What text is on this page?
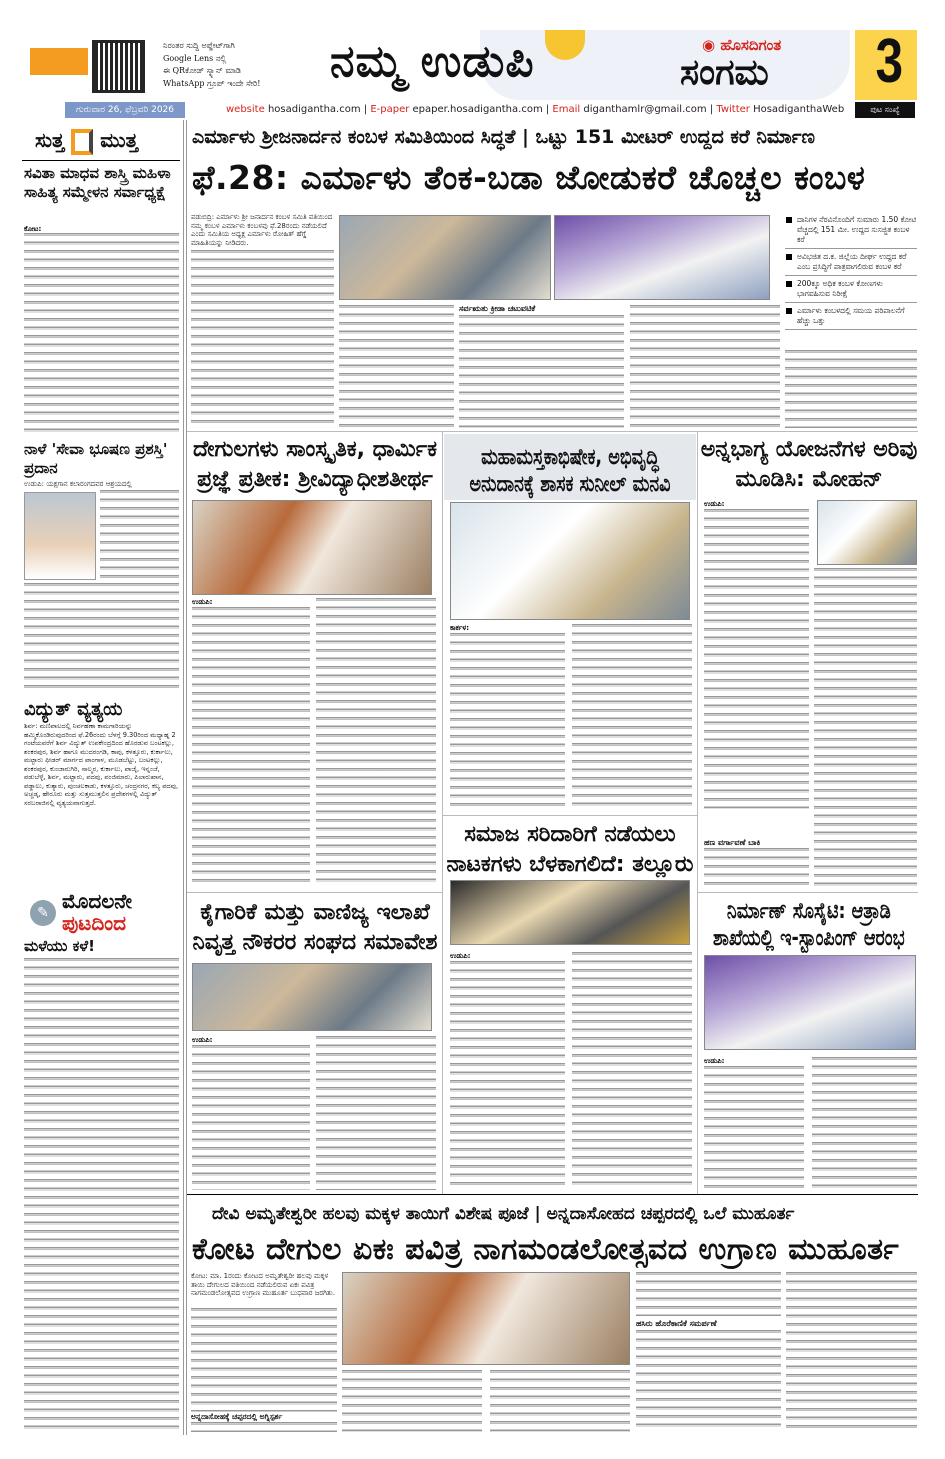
ನಿರಂತರ ಸುದ್ದಿ ಅಪ್ಡೇಟ್‌ಗಾಗಿ
Google Lens ನಲ್ಲಿ
ಈ QRಕೋಡ್ ಸ್ಕ್ಯಾನ್ ಮಾಡಿ
WhatsApp ಗ್ರೂಪ್ ಇಂದೇ ಸೇರಿ! ನಮ್ಮ ಉಡುಪಿ	◉ ಹೊಸದಿಗಂತ
ಸಂಗಮ 3
ಗುರುವಾರ 26, ಫೆಬ್ರವರಿ 2026	website hosadigantha.com | E-paper epaper.hosadigantha.com | Email diganthamlr@gmail.com | Twitter HosadiganthaWeb	ಪುಟ ಸಂಖ್ಯೆ
ಸುತ್ತ ಮುತ್ತ
ಸವಿತಾ ಮಾಧವ ಶಾಸ್ತ್ರಿ ಮಹಿಳಾ ಸಾಹಿತ್ಯ ಸಮ್ಮೇಳನ ಸರ್ವಾಧ್ಯಕ್ಷೆ
ಕೋಟ:
ನಾಳೆ 'ಸೇವಾ ಭೂಷಣ ಪ್ರಶಸ್ತಿ' ಪ್ರದಾನ
ಉಡುಪಿ: ಯಕ್ಷಗಾನ ಕಲಾರಂಗದವರ ಆಶ್ರಯದಲ್ಲಿ
ವಿದ್ಯುತ್ ವ್ಯತ್ಯಯ
ಶಿರ್ವ: ಮಣಿಪಾಲದಲ್ಲಿ ನಿರ್ವಹಣಾ ಕಾಮಗಾರಿಯನ್ನು ಹಮ್ಮಿಕೊಂಡಿರುವುದರಿಂದ ಫೆ.26ರಂದು ಬೆಳಗ್ಗೆ 9.30ರಿಂದ ಮಧ್ಯಾಹ್ನ 2 ಗಂಟೆಯವರೆಗೆ ಶಿರ್ವ ವಿದ್ಯುತ್ ಉಪಕೇಂದ್ರದಿಂದ ಹೊರಡುವ ಬಂಟಕಲ್ಲು, ಶಂಕರಪುರ, ಶಿರ್ವ ಹಾಗೂ ಮುದರಂಗಡಿ, ಕಾಪು, ಕಳತ್ತೂರು, ಕುರ್ಕಾಲು, ಮಟ್ಟಾರು ಫೀಡರ್ ಮಾರ್ಗದ ಪಾಂಗಾಳ, ಮೂಡಬೆಟ್ಟು, ಬಂಟಕಲ್ಲು, ಶಂಕರಪುರ, ಕುಂಜಾರುಗಿರಿ, ಸಾಲ್ಮರ, ಕುರ್ಕಾಲು, ಪಾಜೈ, ಇನ್ನಂಜೆ, ಪಡುಬೆಳ್ಳೆ, ಶಿರ್ವ, ಮಟ್ಟಾರು, ಪದವು, ಪಂಜಿಮಾರು, ಪಿಲಾರುಖಾನ, ಪಡ್ಡಾಲು, ಕುತ್ಯಾರು, ಪುಂಚಲಕಾಡು, ಕಳತ್ತೂರು, ಚಂದ್ರನಗರ, ಕಲ್ಯ ಪದವು, ಅಚ್ಚಡ್ಕ, ಹೇರೂರು ಮತ್ತು ಸುತ್ತಮುತ್ತಲಿನ ಪ್ರದೇಶಗಳಲ್ಲಿ ವಿದ್ಯುತ್ ಸರಬರಾಜಿನಲ್ಲಿ ವ್ಯತ್ಯಯವಾಗುತ್ತದೆ.
✎ ಮೊದಲನೇ
ಪುಟದಿಂದ
ಮಳೆಯು ಕಳೆ!
ಎರ್ಮಾಳು ಶ್ರೀಜನಾರ್ದನ ಕಂಬಳ ಸಮಿತಿಯಿಂದ ಸಿದ್ಧತೆ | ಒಟ್ಟು 151 ಮೀಟರ್ ಉದ್ದದ ಕರೆ ನಿರ್ಮಾಣ
ಫೆ.28: ಎರ್ಮಾಳು ತೆಂಕ-ಬಡಾ ಜೋಡುಕರೆ ಚೊಚ್ಚಲ ಕಂಬಳ
ಪಡುಬಿದ್ರಿ: ಎರ್ಮಾಳು ಶ್ರೀ ಜನಾರ್ದನ ಕಂಬಳ ಸಮಿತಿ ವತಿಯಿಂದ ನಮ್ಮ ಕಂಬಳ ಎರ್ಮಾಳು ಕಂಬಳವು ಫೆ.28ರಂದು ನಡೆಯಲಿದೆ ಎಂದು ಸಮಿತಿಯ ಅಧ್ಯಕ್ಷ ಎರ್ಮಾಳು ರೋಹಿತ್ ಹೆಗ್ಡೆ ಮಾಹಿತಿಯನ್ನು ನೀಡಿದರು.
ಸರ್ವಋತು ಕ್ರೀಡಾ ಚಟುವಟಿಕೆ
ದಾನಿಗಳ ನೆರವಿನೊಂದಿಗೆ ಸುಮಾರು 1.50 ಕೋಟಿ ವೆಚ್ಚದಲ್ಲಿ 151 ಮೀ. ಉದ್ದದ ಸುಸಜ್ಜಿತ ಕಂಬಳ ಕರೆ
ಅವಿಭಜಿತ ದ.ಕ. ಜಿಲ್ಲೆಯ ದೀರ್ಘ ಉದ್ದದ ಕರೆ ಎಂಬ ಪ್ರಸಿದ್ಧಿಗೆ ಪಾತ್ರವಾಗಲಿರುವ ಕಂಬಳ ಕರೆ
200ಕ್ಕೂ ಅಧಿಕ ಕಂಬಳ ಕೋಣಗಳು ಭಾಗವಹಿಸುವ ನಿರೀಕ್ಷೆ
ಎರ್ಮಾಳು ಕಂಬಳದಲ್ಲಿ ಸಮಯ ಪರಿಪಾಲನೆಗೆ ಹೆಚ್ಚು ಒತ್ತು
ದೇಗುಲಗಳು ಸಾಂಸ್ಕೃತಿಕ, ಧಾರ್ಮಿಕ ಪ್ರಜ್ಞೆ ಪ್ರತೀಕ: ಶ್ರೀವಿದ್ಯಾಧೀಶತೀರ್ಥ
ಉಡುಪಿ:
ಮಹಾಮಸ್ತಕಾಭಿಷೇಕ, ಅಭಿವೃದ್ಧಿ ಅನುದಾನಕ್ಕೆ ಶಾಸಕ ಸುನೀಲ್ ಮನವಿ
ಕಾರ್ಕಳ:
ಅನ್ನಭಾಗ್ಯ ಯೋಜನೆಗಳ ಅರಿವು ಮೂಡಿಸಿ: ಮೋಹನ್
ಉಡುಪಿ:
ಹಣ ವರ್ಗಾವಣೆ ಬಾಕಿ
ಕೈಗಾರಿಕೆ ಮತ್ತು ವಾಣಿಜ್ಯ ಇಲಾಖೆ ನಿವೃತ್ತ ನೌಕರರ ಸಂಘದ ಸಮಾವೇಶ
ಉಡುಪಿ:
ಸಮಾಜ ಸರಿದಾರಿಗೆ ನಡೆಯಲು ನಾಟಕಗಳು ಬೆಳಕಾಗಲಿದೆ: ತಲ್ಲೂರು
ಉಡುಪಿ:
ನಿರ್ಮಾಣ್ ಸೊಸೈಟಿ: ಆತ್ರಾಡಿ ಶಾಖೆಯಲ್ಲಿ ಇ-ಸ್ಟಾಂಪಿಂಗ್ ಆರಂಭ
ಉಡುಪಿ:
ದೇವಿ ಅಮೃತೇಶ್ವರೀ ಹಲವು ಮಕ್ಕಳ ತಾಯಿಗೆ ವಿಶೇಷ ಪೂಜೆ | ಅನ್ನದಾಸೋಹದ ಚಪ್ಪರದಲ್ಲಿ ಒಲೆ ಮುಹೂರ್ತ
ಕೋಟ ದೇಗುಲ ಏಕಃ ಪವಿತ್ರ ನಾಗಮಂಡಲೋತ್ಸವದ ಉಗ್ರಾಣ ಮುಹೂರ್ತ
ಕೋಟ: ಮಾ. 1ರಂದು ಕೋಟದ ಅಮೃತೇಶ್ವರೀ ಹಲವು ಮಕ್ಕಳ ತಾಯಿ ದೇಗುಲದ ವತಿಯಿಂದ ನಡೆಯಲಿರುವ ಏಕಃ ಪವಿತ್ರ ನಾಗಮಂಡಲೋತ್ಸವದ ಉಗ್ರಾಣ ಮುಹೂರ್ತ ಬುಧವಾರ ಜರಗಿತು.
ಅನ್ನದಾಸೋಹಕ್ಕೆ ಚಪ್ಪರದಲ್ಲಿ ಅಗ್ನಿಸ್ಪರ್ಶ
ಹಸಿರು ಹೊರೆಕಾಣಿಕೆ ಸಮರ್ಪಣೆ
